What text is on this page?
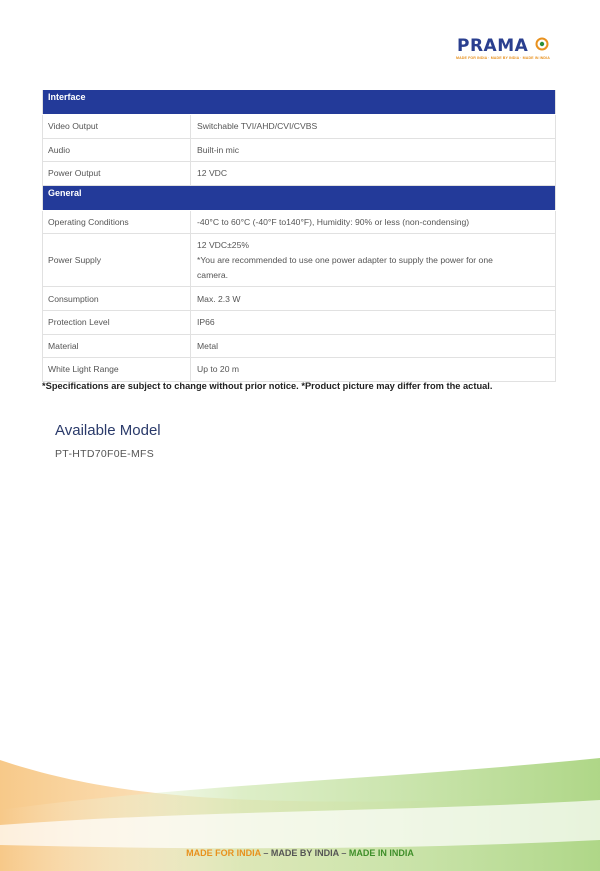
PRAMA
MADE FOR INDIA · MADE BY INDIA · MADE IN INDIA
Interface	
Video Output	Switchable TVI/AHD/CVI/CVBS
Audio	Built-in mic
Power Output	12 VDC
General	
Operating Conditions	-40°C to 60°C (-40°F to140°F), Humidity: 90% or less (non-condensing)
Power Supply	12 VDC±25%
*You are recommended to use one power adapter to supply the power for one
camera.

Consumption	Max. 2.3 W
Protection Level	IP66
Material	Metal
White Light Range	Up to 20 m
*Specifications are subject to change without prior notice. *Product picture may differ from the actual.
Available Model
PT-HTD70F0E-MFS
MADE FOR INDIA – MADE BY INDIA – MADE IN INDIA
